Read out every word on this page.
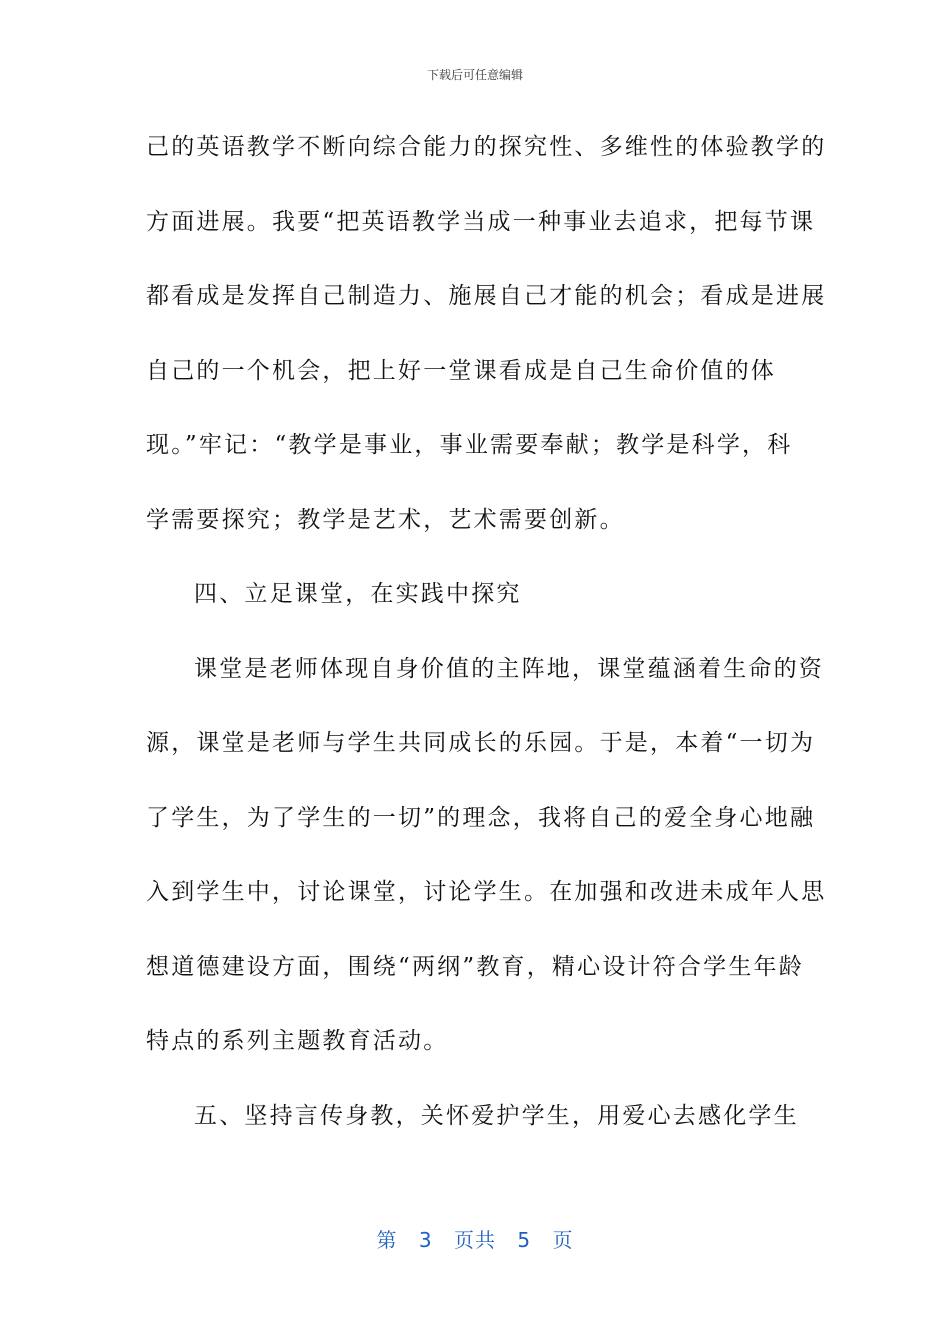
下载后可任意编辑
己的英语教学不断向综合能力的探究性、多维性的体验教学的
方面进展。我要“把英语教学当成一种事业去追求，把每节课
都看成是发挥自己制造力、施展自己才能的机会；看成是进展
自己的一个机会，把上好一堂课看成是自己生命价值的体
现。”牢记：“教学是事业，事业需要奉献；教学是科学，科
学需要探究；教学是艺术，艺术需要创新。
四、立足课堂，在实践中探究
课堂是老师体现自身价值的主阵地，课堂蕴涵着生命的资
源，课堂是老师与学生共同成长的乐园。于是，本着“一切为
了学生，为了学生的一切”的理念，我将自己的爱全身心地融
入到学生中，讨论课堂，讨论学生。在加强和改进未成年人思
想道德建设方面，围绕“两纲”教育，精心设计符合学生年龄
特点的系列主题教育活动。
五、坚持言传身教，关怀爱护学生，用爱心去感化学生
第 3 页共 5 页
